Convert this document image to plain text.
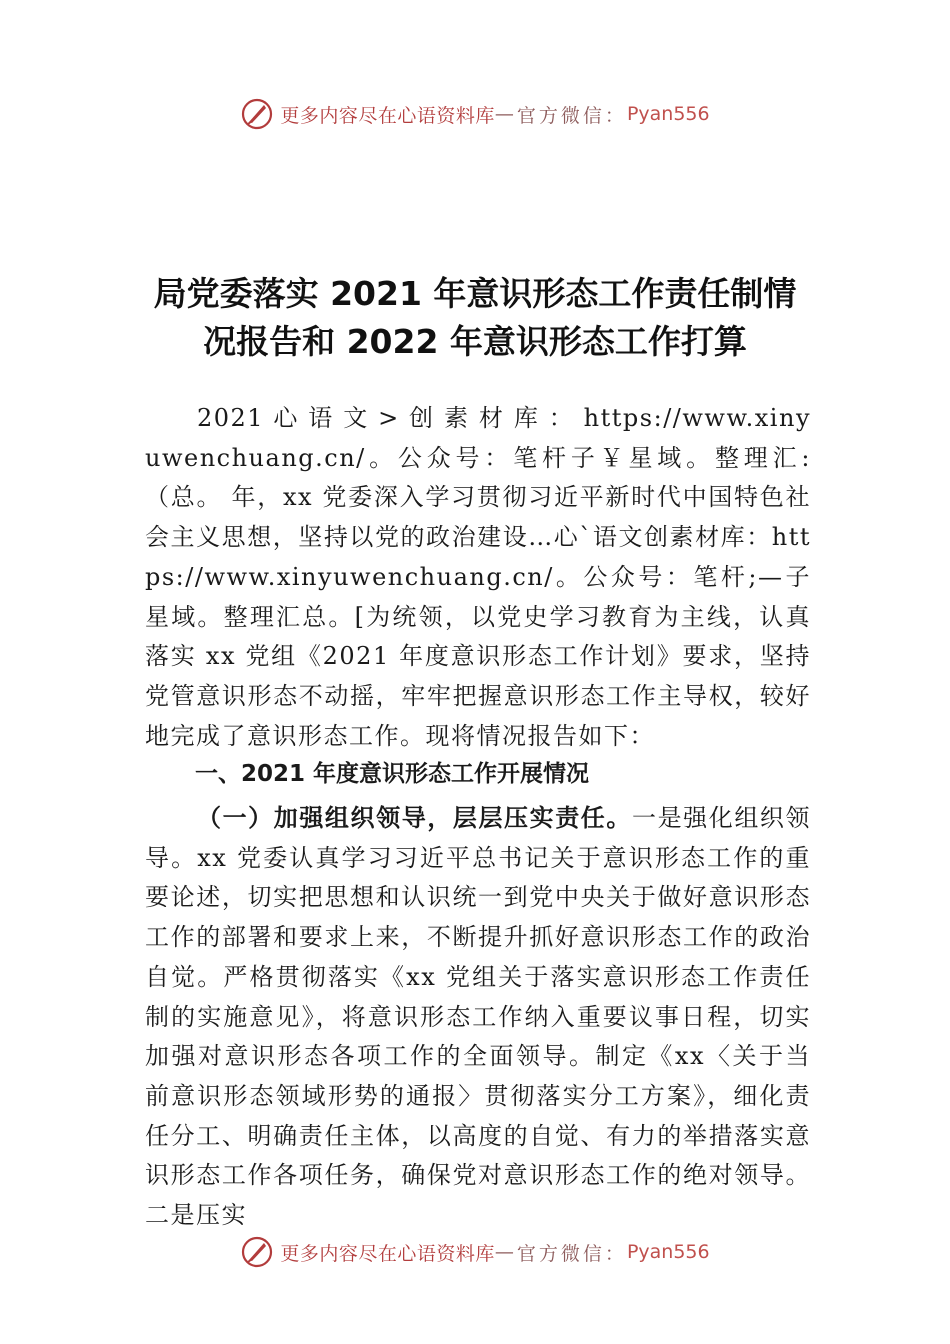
更多内容尽在心语资料库 — 官方微信： Pyan556
局党委落实 2021 年意识形态工作责任制情
况报告和 2022 年意识形态工作打算

2021 心 语 文 > 创 素 材 库 ： https://www.xinyuwenchuang.cn/。公众号：笔杆子￥星域。整理汇:（总。 年，xx 党委深入学习贯彻习近平新时代中国特色社会主义思想，坚持以党的政治建设…心`语文创素材库：https://www.xinyuwenchuang.cn/。公众号：笔杆;—子星域。整理汇总。[为统领，以党史学习教育为主线，认真落实 xx 党组《2021 年度意识形态工作计划》要求，坚持党管意识形态不动摇，牢牢把握意识形态工作主导权，较好地完成了意识形态工作。现将情况报告如下：

一、2021 年度意识形态工作开展情况

（一）加强组织领导，层层压实责任。一是强化组织领导。xx 党委认真学习习近平总书记关于意识形态工作的重要论述，切实把思想和认识统一到党中央关于做好意识形态工作的部署和要求上来，不断提升抓好意识形态工作的政治自觉。严格贯彻落实《xx 党组关于落实意识形态工作责任制的实施意见》，将意识形态工作纳入重要议事日程，切实加强对意识形态各项工作的全面领导。制定《xx〈关于当前意识形态领域形势的通报〉贯彻落实分工方案》，细化责任分工、明确责任主体，以高度的自觉、有力的举措落实意识形态工作各项任务，确保党对意识形态工作的绝对领导。二是压实

更多内容尽在心语资料库 — 官方微信： Pyan556
